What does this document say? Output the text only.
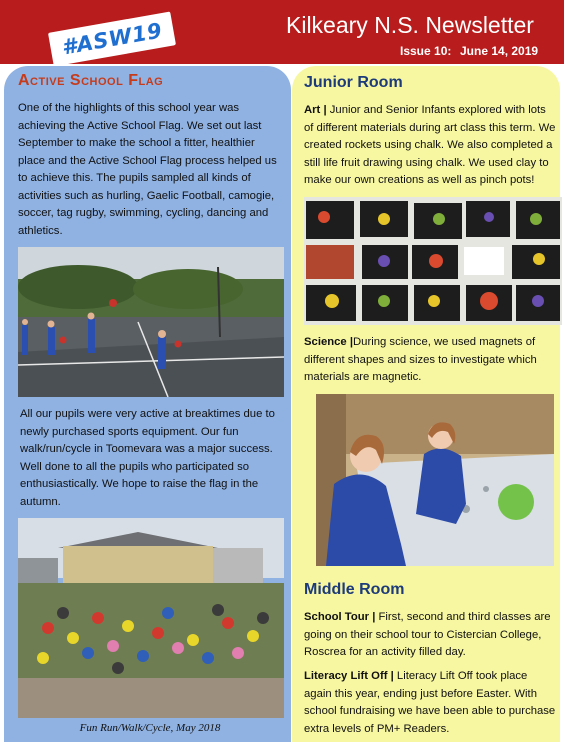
#ASW19	Kilkeary N.S. Newsletter
Issue 10: June 14, 2019
Active School Flag

One of the highlights of this school year was achieving the Active School Flag. We set out last September to make the school a fitter, healthier place and the Active School Flag process helped us to achieve this. The pupils sampled all kinds of activities such as hurling, Gaelic Football, camogie, soccer, tag rugby, swimming, cycling, dancing and athletics.

All our pupils were very active at breaktimes due to newly purchased sports equipment. Our fun walk/run/cycle in Toomevara was a major success. Well done to all the pupils who participated so enthusiastically. We hope to raise the flag in the autumn.

Fun Run/Walk/Cycle, May 2018
Junior Room

Art | Junior and Senior Infants explored with lots of different materials during art class this term. We created rockets using chalk. We also completed a still life fruit drawing using chalk. We used clay to make our own creations as well as pinch pots!

Science |During science, we used magnets of different shapes and sizes to investigate which materials are magnetic.

Middle Room

School Tour | First, second and third classes are going on their school tour to Cistercian College, Roscrea for an activity filled day.

Literacy Lift Off | Literacy Lift Off took place again this year, ending just before Easter. With school fundraising we have been able to purchase extra levels of PM+ Readers.
